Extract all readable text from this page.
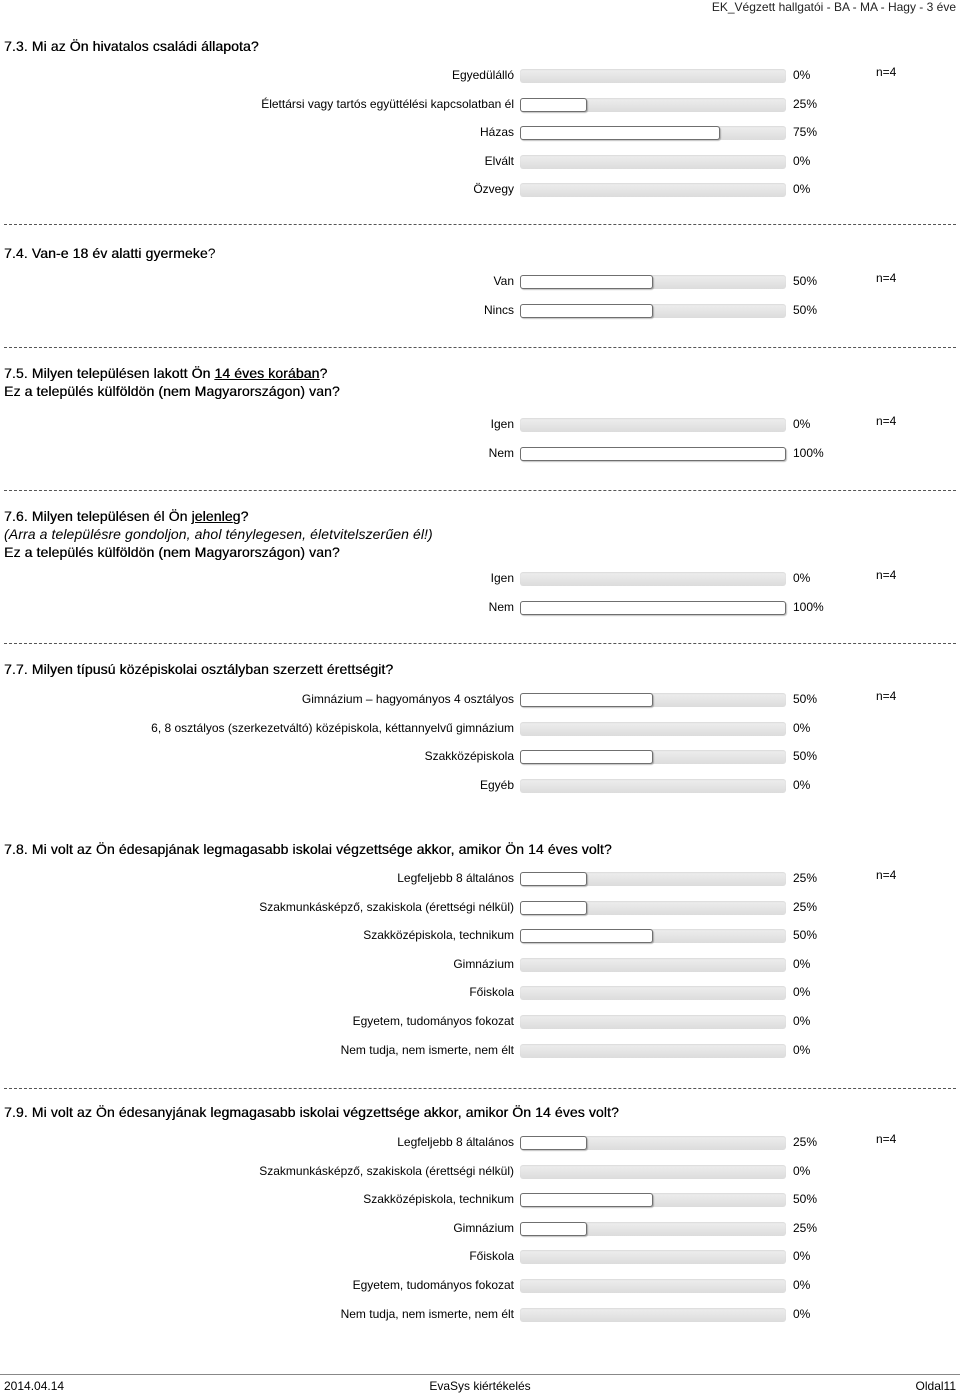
EK_Végzett hallgatói - BA - MA - Hagy - 3 éve
7.3. Mi az Ön hivatalos családi állapota?
n=4
Egyedülálló	0%
Élettársi vagy tartós együttélési kapcsolatban él	25%
Házas	75%
Elvált	0%
Özvegy	0%
7.4. Van-e 18 év alatti gyermeke?
n=4
Van	50%
Nincs	50%
7.5. Milyen településen lakott Ön 14 éves korában?
Ez a település külföldön (nem Magyarországon) van?
n=4
Igen	0%
Nem	100%
7.6. Milyen településen él Ön jelenleg?
(Arra a településre gondoljon, ahol ténylegesen, életvitelszerűen él!)
Ez a település külföldön (nem Magyarországon) van?
n=4
Igen	0%
Nem	100%
7.7. Milyen típusú középiskolai osztályban szerzett érettségit?
n=4
Gimnázium – hagyományos 4 osztályos	50%
6, 8 osztályos (szerkezetváltó) középiskola, kéttannyelvű gimnázium	0%
Szakközépiskola	50%
Egyéb	0%
7.8. Mi volt az Ön édesapjának legmagasabb iskolai végzettsége akkor, amikor Ön 14 éves volt?
n=4
Legfeljebb 8 általános	25%
Szakmunkásképző, szakiskola (érettségi nélkül)	25%
Szakközépiskola, technikum	50%
Gimnázium	0%
Főiskola	0%
Egyetem, tudományos fokozat	0%
Nem tudja, nem ismerte, nem élt	0%
7.9. Mi volt az Ön édesanyjának legmagasabb iskolai végzettsége akkor, amikor Ön 14 éves volt?
n=4
Legfeljebb 8 általános	25%
Szakmunkásképző, szakiskola (érettségi nélkül)	0%
Szakközépiskola, technikum	50%
Gimnázium	25%
Főiskola	0%
Egyetem, tudományos fokozat	0%
Nem tudja, nem ismerte, nem élt	0%
2014.04.14	EvaSys kiértékelés	Oldal11
